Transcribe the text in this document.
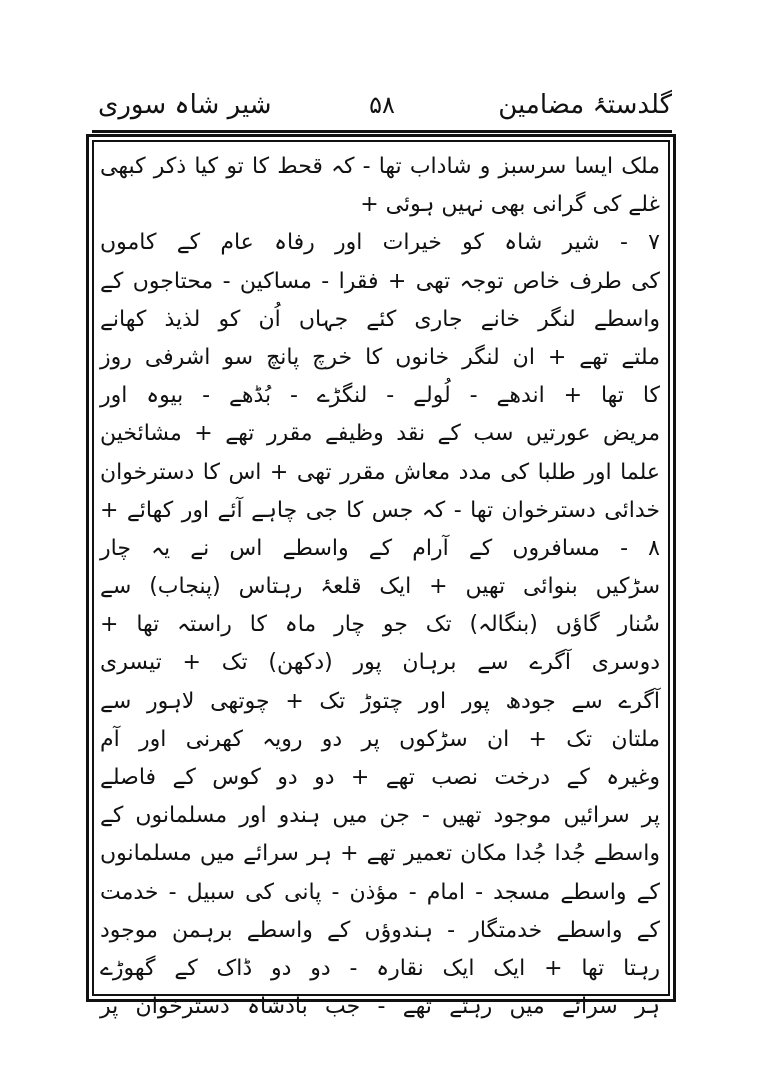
گلدستۂ مضامین
۵۸
شیر شاہ سوری
ملک ایسا سرسبز و شاداب تھا - کہ قحط کا تو کیا ذکر کبھی
غلے کی گرانی بھی نہیں ہوئی +
۷ - شیر شاہ کو خیرات اور رفاہ عام کے کاموں
کی طرف خاص توجہ تھی + فقرا - مساکین - محتاجوں کے
واسطے لنگر خانے جاری کئے جہاں اُن کو لذیذ کھانے
ملتے تھے + ان لنگر خانوں کا خرچ پانچ سو اشرفی روز
کا تھا + اندھے - لُولے - لنگڑے - بُڈھے - بیوہ اور
مریض عورتیں سب کے نقد وظیفے مقرر تھے + مشائخین
علما اور طلبا کی مدد معاش مقرر تھی + اس کا دسترخوان
خدائی دسترخوان تھا - کہ جس کا جی چاہے آئے اور کھائے +
۸ - مسافروں کے آرام کے واسطے اس نے یہ چار
سڑکیں بنوائی تھیں + ایک قلعۂ رہتاس (پنجاب) سے
سُنار گاؤں (بنگالہ) تک جو چار ماہ کا راستہ تھا +
دوسری آگرے سے برہان پور (دکھن) تک + تیسری
آگرے سے جودھ پور اور چتوڑ تک + چوتھی لاہور سے
ملتان تک + ان سڑکوں پر دو رویہ کھرنی اور آم
وغیرہ کے درخت نصب تھے + دو دو کوس کے فاصلے
پر سرائیں موجود تھیں - جن میں ہندو اور مسلمانوں کے
واسطے جُدا جُدا مکان تعمیر تھے + ہر سرائے میں مسلمانوں
کے واسطے مسجد - امام - مؤذن - پانی کی سبیل - خدمت
کے واسطے خدمتگار - ہندوؤں کے واسطے برہمن موجود
رہتا تھا + ایک ایک نقارہ - دو دو ڈاک کے گھوڑے
ہر سرائے میں رہتے تھے - جب بادشاہ دسترخوان پر
